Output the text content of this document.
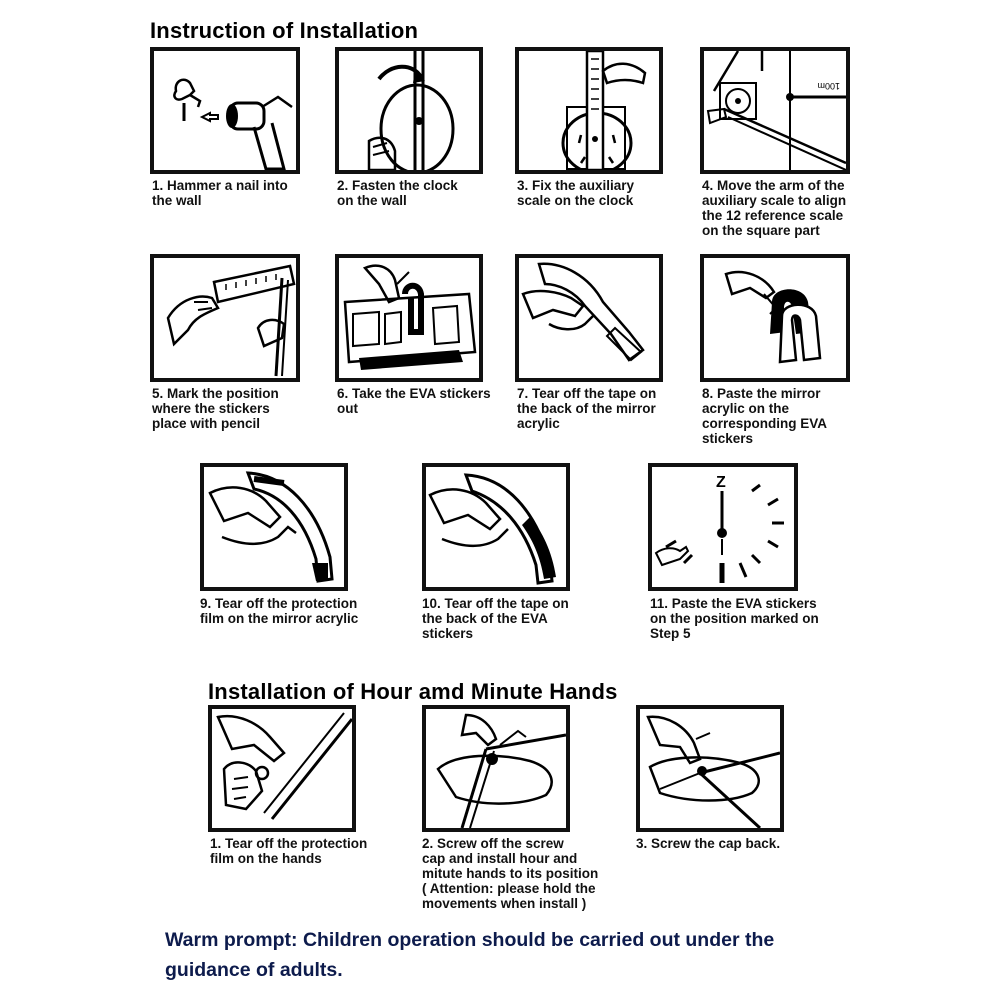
Instruction of Installation
1. Hammer a nail into
the wall
2. Fasten the clock
on the wall
3. Fix the auxiliary
scale on the clock
100m
4. Move the arm of the
auxiliary scale to align
the 12 reference scale
on the square part
5. Mark the position
where the stickers
place with pencil
6. Take the EVA stickers
out
7. Tear off the tape on
the back of the mirror
acrylic
8. Paste the mirror
acrylic on the
corresponding EVA
stickers
9. Tear off the protection
film on the mirror acrylic
10. Tear off the tape on
the back of the EVA
stickers
Z
11. Paste the EVA stickers
on the position marked on
Step 5
Installation of Hour amd Minute Hands
1. Tear off the protection
film on the hands
2. Screw off the screw
cap and install hour and
mitute hands to its position
( Attention: please hold the
movements when install )
3. Screw the cap back.
Warm prompt: Children operation should be carried out under the guidance of adults.
